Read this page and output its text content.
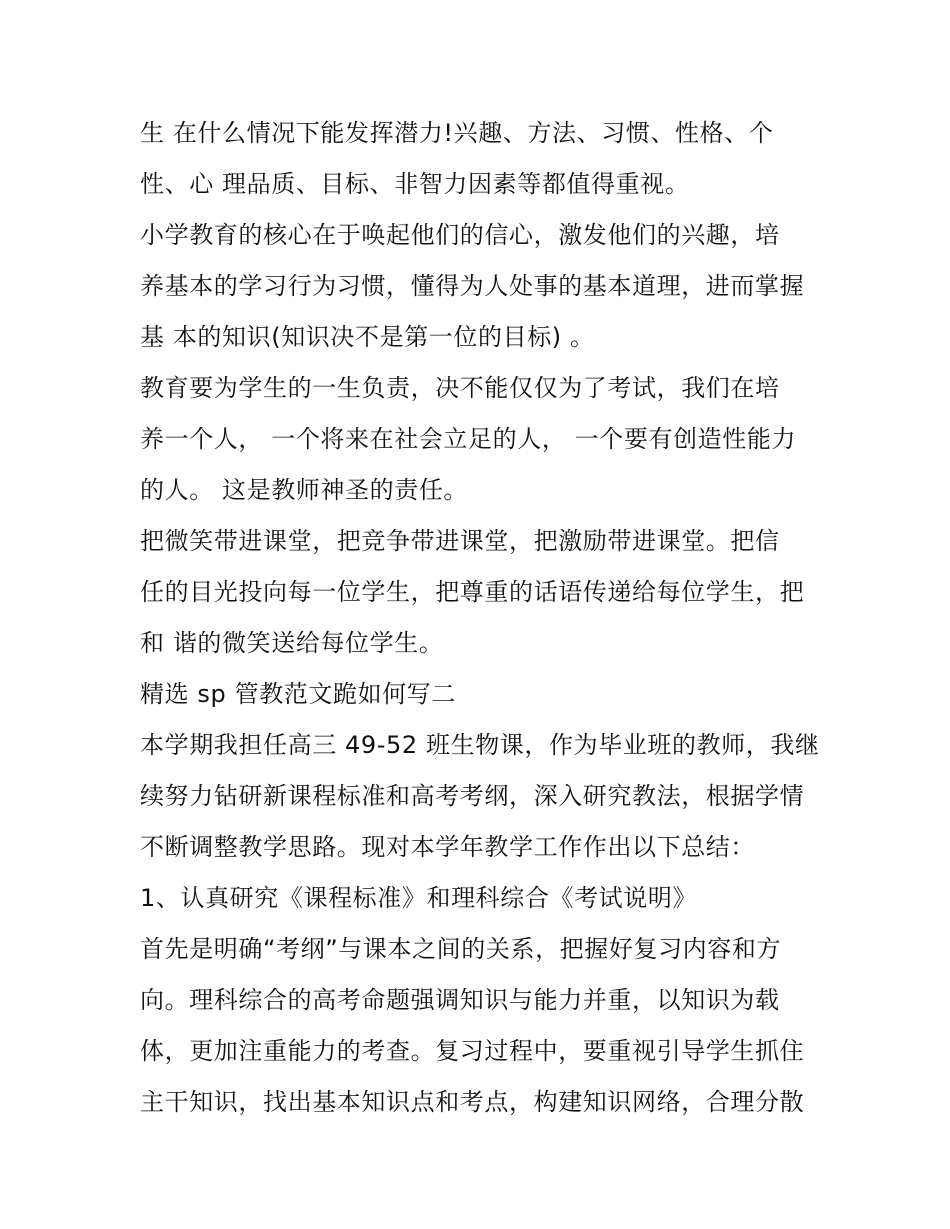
生 在什么情况下能发挥潜力!兴趣、方法、习惯、性格、个
性、心 理品质、目标、非智力因素等都值得重视。
小学教育的核心在于唤起他们的信心，激发他们的兴趣，培
养基本的学习行为习惯，懂得为人处事的基本道理，进而掌握
基 本的知识(知识决不是第一位的目标) 。
教育要为学生的一生负责，决不能仅仅为了考试，我们在培
养一个人， 一个将来在社会立足的人， 一个要有创造性能力
的人。 这是教师神圣的责任。
把微笑带进课堂，把竞争带进课堂，把激励带进课堂。把信
任的目光投向每一位学生，把尊重的话语传递给每位学生，把
和 谐的微笑送给每位学生。
精选 sp 管教范文跪如何写二
本学期我担任高三 49-52 班生物课，作为毕业班的教师，我继
续努力钻研新课程标准和高考考纲，深入研究教法，根据学情
不断调整教学思路。现对本学年教学工作作出以下总结：
1、认真研究《课程标准》和理科综合《考试说明》
首先是明确“考纲”与课本之间的关系，把握好复习内容和方
向。理科综合的高考命题强调知识与能力并重，以知识为载
体，更加注重能力的考查。复习过程中，要重视引导学生抓住
主干知识，找出基本知识点和考点，构建知识网络，合理分散
